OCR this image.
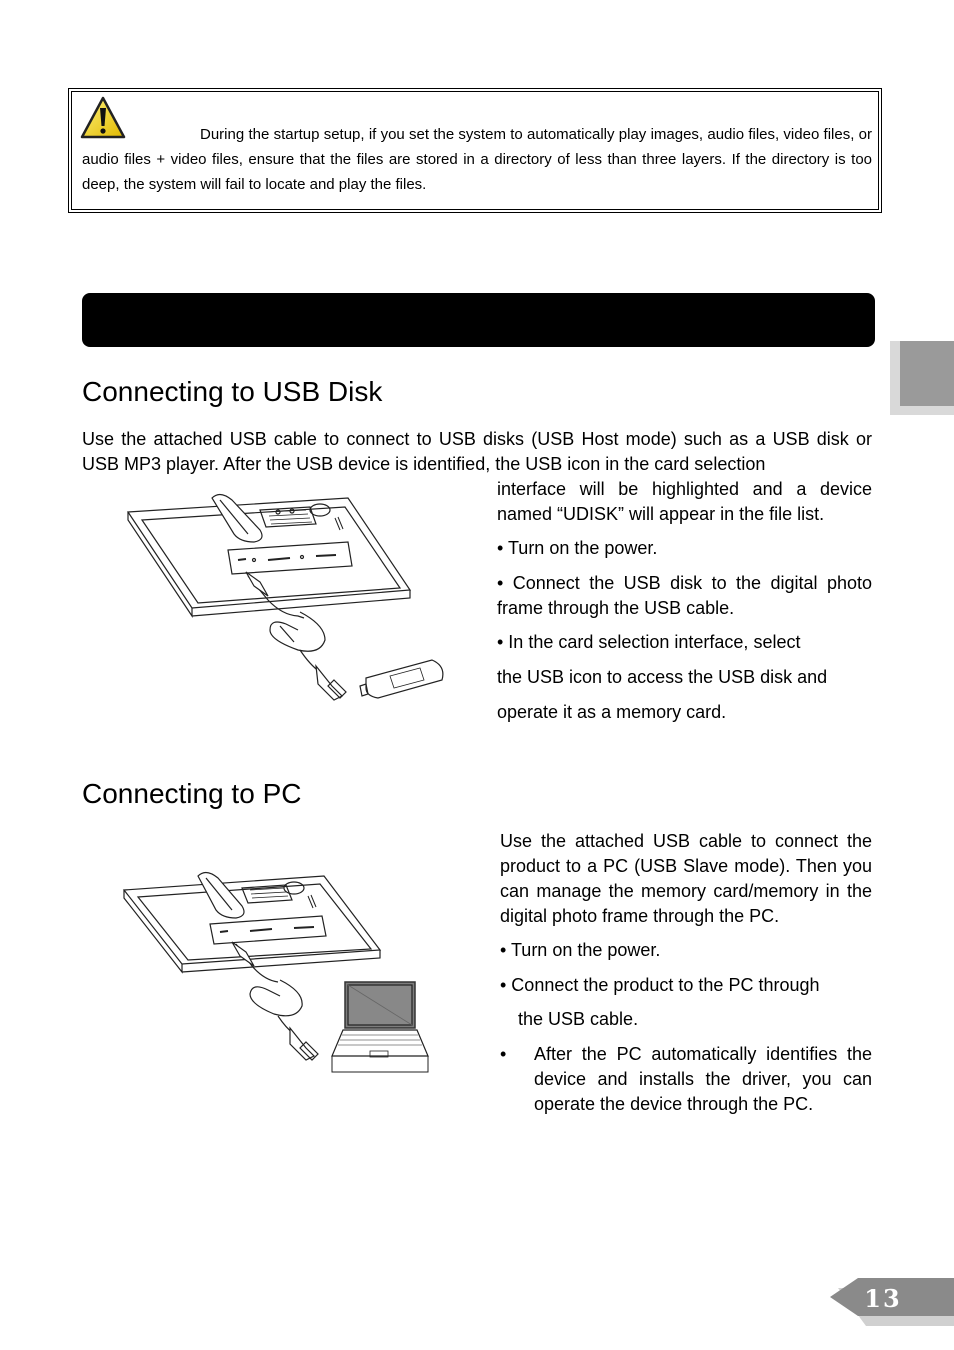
During the startup setup, if you set the system to automatically play images, audio files, video files, or audio files + video files, ensure that the files are stored in a directory of less than three layers. If the directory is too deep, the system will fail to locate and play the files.

Connecting to USB Disk

Use the attached USB cable to connect to USB disks (USB Host mode) such as a USB disk or USB MP3 player. After the USB device is identified, the USB icon in the card selection

interface will be highlighted and a device named “UDISK” will appear in the file list.

• Turn on the power.

• Connect the USB disk to the digital photo frame through the USB cable.

• In the card selection interface, select

the USB icon to access the USB disk and

operate it as a memory card.

Connecting to PC

Use the attached USB cable to connect the product to a PC (USB Slave mode). Then you can manage the memory card/memory in the digital photo frame through the PC.

• Turn on the power.

• Connect the product to the PC through

the USB cable.

•	After the PC automatically identifies the device and installs the driver, you can operate the device through the PC.
13
